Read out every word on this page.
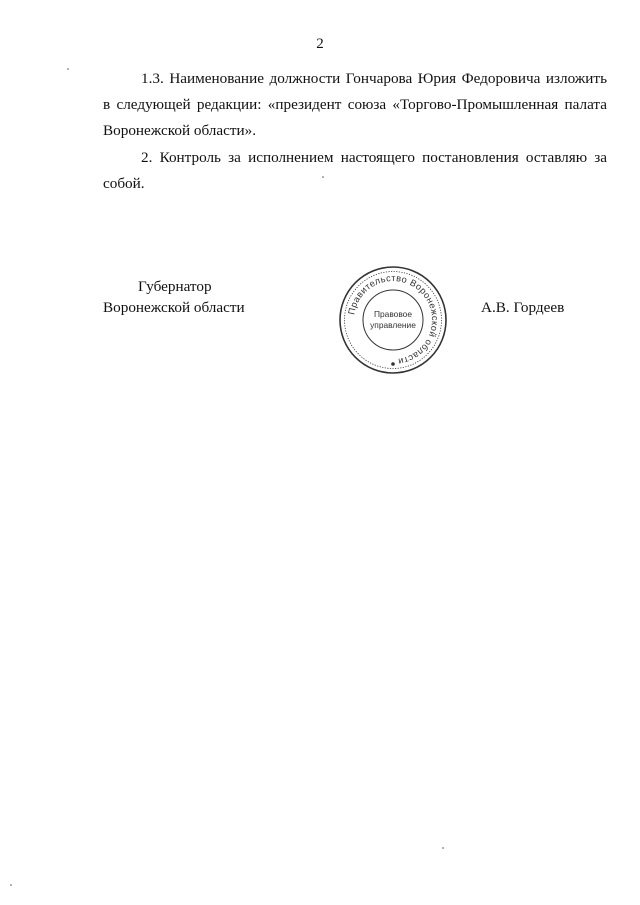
2

1.3. Наименование должности Гончарова Юрия Федоровича изложить в следующей редакции: «президент союза «Торгово-Промышленная палата Воронежской области».

2. Контроль за исполнением настоящего постановления оставляю за собой.

Губернатор
Воронежской области	А.В. Гордеев
Правительство Воронежской области
Правовое
управление
